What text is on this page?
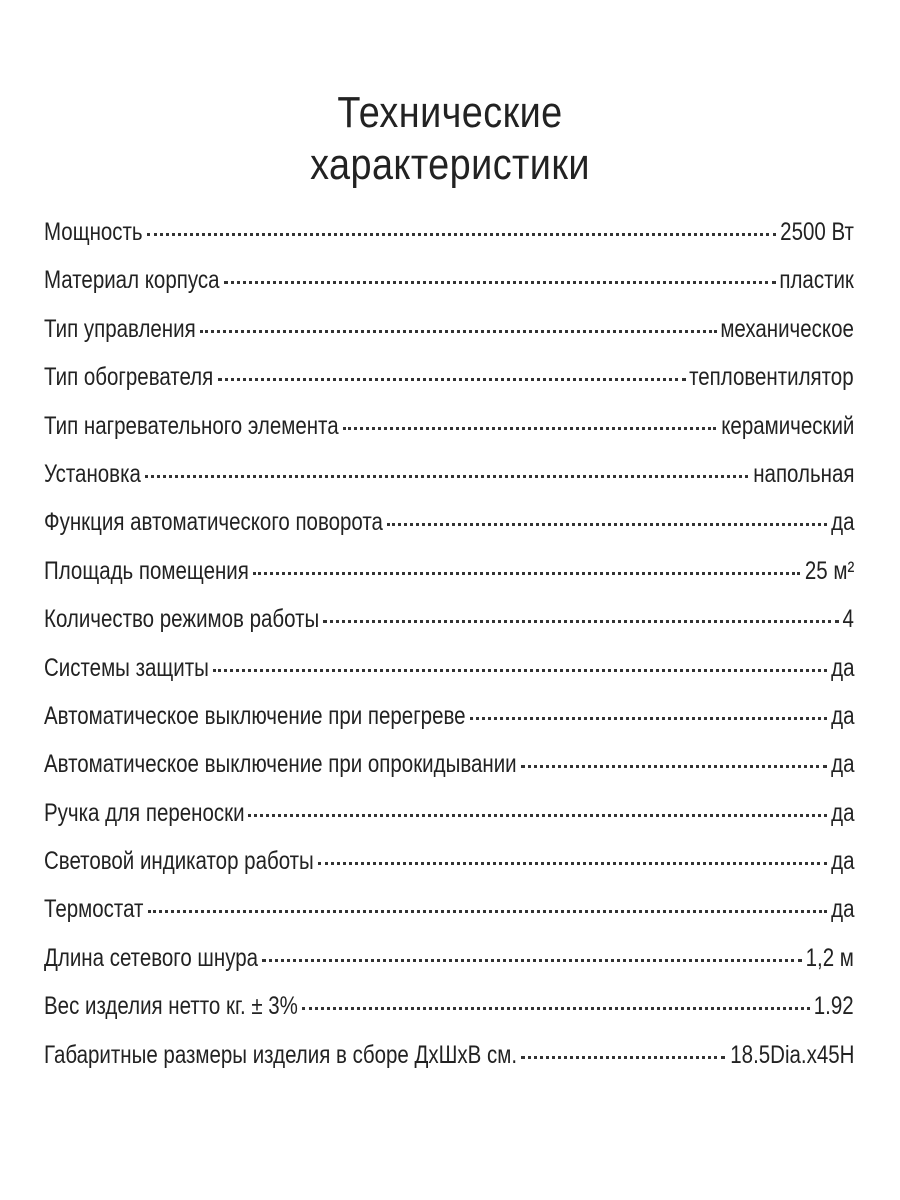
Технические
характеристики
Мощность	2500 Вт
Материал корпуса	пластик
Тип управления	механическое
Тип обогревателя	тепловентилятор
Тип нагревательного элемента	керамический
Установка	напольная
Функция автоматического поворота	да
Площадь помещения	25 м²
Количество режимов работы	4
Системы защиты	да
Автоматическое выключение при перегреве	да
Автоматическое выключение при опрокидывании	да
Ручка для переноски	да
Световой индикатор работы	да
Термостат	да
Длина сетевого шнура	1,2 м
Вес изделия нетто кг. ± 3%	1.92
Габаритные размеры изделия в сборе ДхШхВ см.	18.5Dia.x45H
